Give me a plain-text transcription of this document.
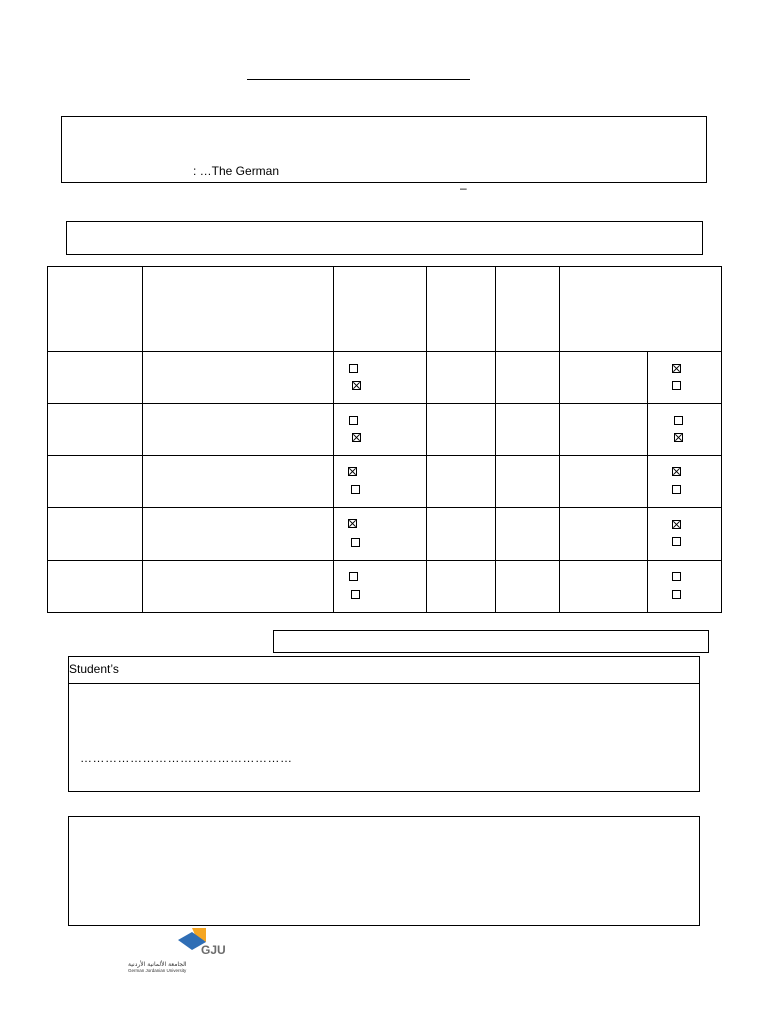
: …The German
–
Student’s
……………………………………………
GJU
الجامعة الألمانية الأردنية
German Jordanian University
